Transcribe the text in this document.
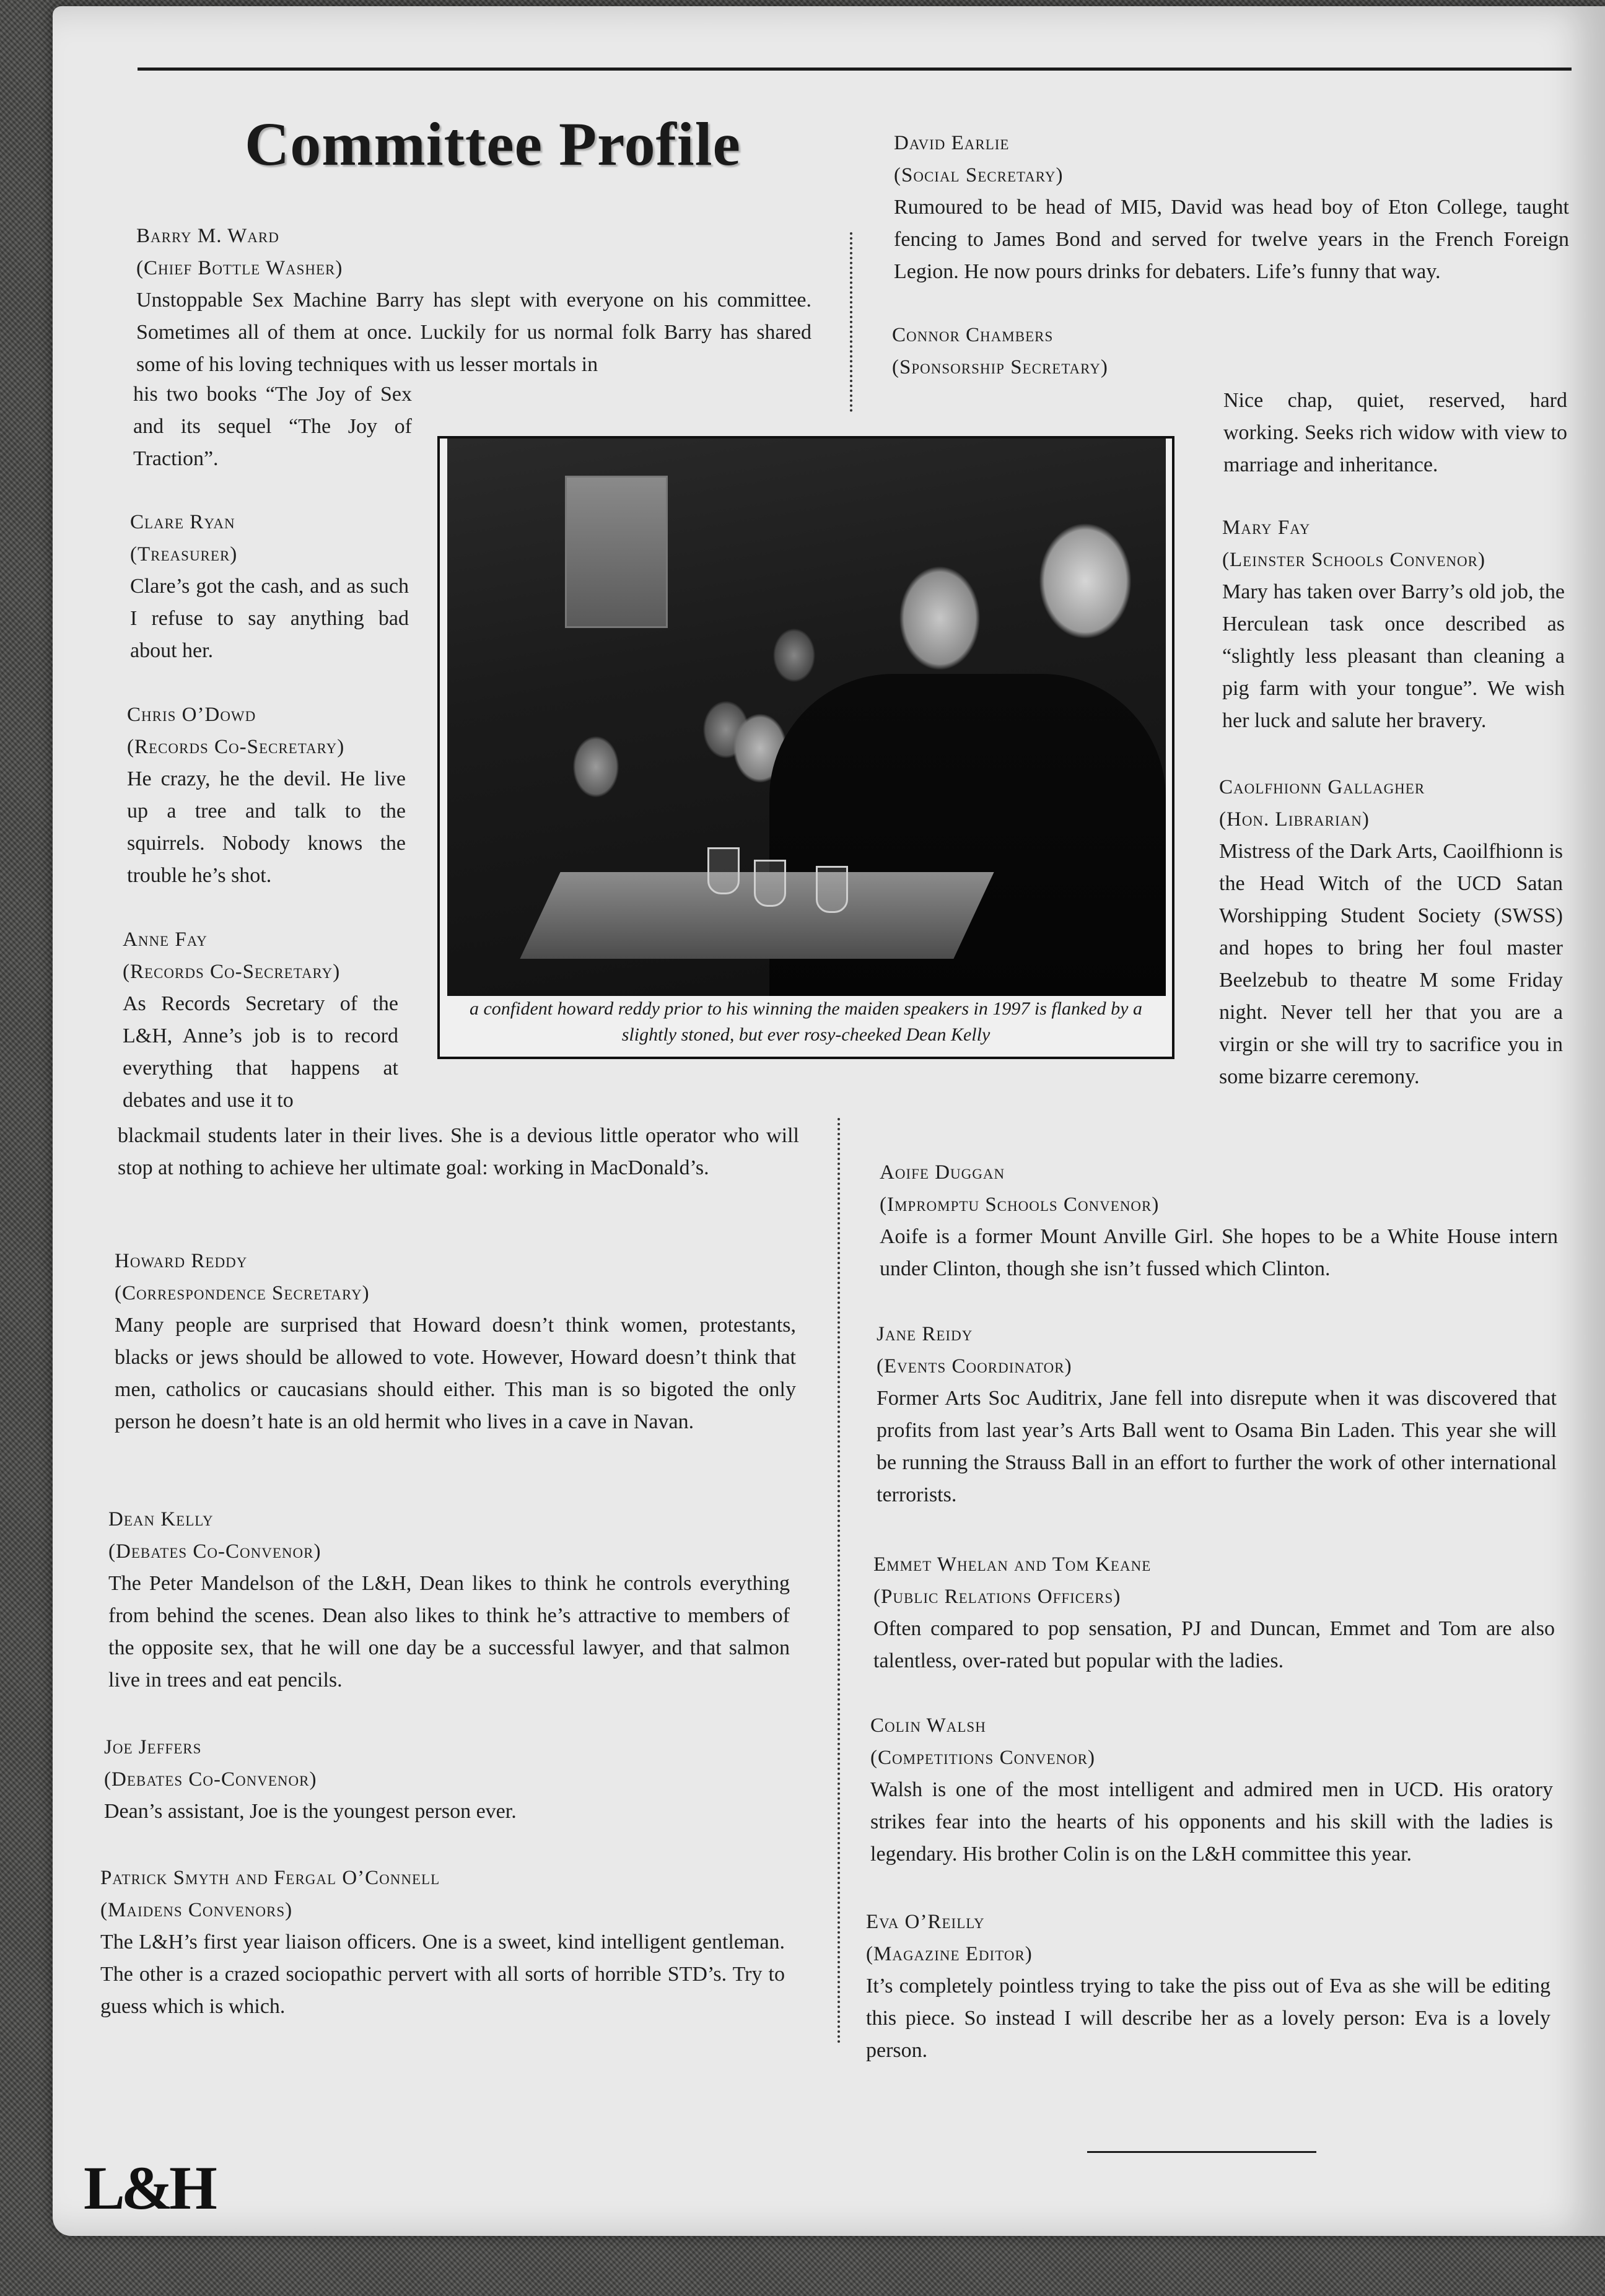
Committee Profile
Barry M. Ward
(Chief Bottle Washer)
Unstoppable Sex Machine Barry has slept with everyone on his committee. Sometimes all of them at once. Luckily for us normal folk Barry has shared some of his loving techniques with us lesser mortals in
his two books “The Joy of Sex and its sequel “The Joy of Traction”.
Clare Ryan
(Treasurer)
Clare’s got the cash, and as such I refuse to say anything bad about her.
Chris O’Dowd
(Records Co-Secretary)
He crazy, he the devil. He live up a tree and talk to the squirrels. Nobody knows the trouble he’s shot.
Anne Fay
(Records Co-Secretary)
As Records Secretary of the L&H, Anne’s job is to record everything that happens at debates and use it to
blackmail students later in their lives. She is a devious little operator who will stop at nothing to achieve her ultimate goal: working in MacDonald’s.
Howard Reddy
(Correspondence Secretary)
Many people are surprised that Howard doesn’t think women, protestants, blacks or jews should be allowed to vote. However, Howard doesn’t think that men, catholics or caucasians should either. This man is so bigoted the only person he doesn’t hate is an old hermit who lives in a cave in Navan.
Dean Kelly
(Debates Co-Convenor)
The Peter Mandelson of the L&H, Dean likes to think he controls everything from behind the scenes. Dean also likes to think he’s attractive to members of the opposite sex, that he will one day be a successful lawyer, and that salmon live in trees and eat pencils.
Joe Jeffers
(Debates Co-Convenor)
Dean’s assistant, Joe is the youngest person ever.
Patrick Smyth and Fergal O’Connell
(Maidens Convenors)
The L&H’s first year liaison officers. One is a sweet, kind intelligent gentleman. The other is a crazed sociopathic pervert with all sorts of horrible STD’s. Try to guess which is which.
a confident howard reddy prior to his winning the maiden speakers in 1997 is flanked by a slightly stoned, but ever rosy-cheeked Dean Kelly
David Earlie
(Social Secretary)
Rumoured to be head of MI5, David was head boy of Eton College, taught fencing to James Bond and served for twelve years in the French Foreign Legion. He now pours drinks for debaters. Life’s funny that way.
Connor Chambers
(Sponsorship Secretary)
Nice chap, quiet, reserved, hard working. Seeks rich widow with view to marriage and inheritance.
Mary Fay
(Leinster Schools Convenor)
Mary has taken over Barry’s old job, the Herculean task once described as “slightly less pleasant than cleaning a pig farm with your tongue”. We wish her luck and salute her bravery.
Caolfhionn Gallagher
(Hon. Librarian)
Mistress of the Dark Arts, Caoilfhionn is the Head Witch of the UCD Satan Worshipping Student Society (SWSS) and hopes to bring her foul master Beelzebub to theatre M some Friday night. Never tell her that you are a virgin or she will try to sacrifice you in some bizarre ceremony.
Aoife Duggan
(Impromptu Schools Convenor)
Aoife is a former Mount Anville Girl. She hopes to be a White House intern under Clinton, though she isn’t fussed which Clinton.
Jane Reidy
(Events Coordinator)
Former Arts Soc Auditrix, Jane fell into disrepute when it was discovered that profits from last year’s Arts Ball went to Osama Bin Laden. This year she will be running the Strauss Ball in an effort to further the work of other international terrorists.
Emmet Whelan and Tom Keane
(Public Relations Officers)
Often compared to pop sensation, PJ and Duncan, Emmet and Tom are also talentless, over-rated but popular with the ladies.
Colin Walsh
(Competitions Convenor)
Walsh is one of the most intelligent and admired men in UCD. His oratory strikes fear into the hearts of his opponents and his skill with the ladies is legendary. His brother Colin is on the L&H committee this year.
Eva O’Reilly
(Magazine Editor)
It’s completely pointless trying to take the piss out of Eva as she will be editing this piece. So instead I will describe her as a lovely person: Eva is a lovely person.
L&H
